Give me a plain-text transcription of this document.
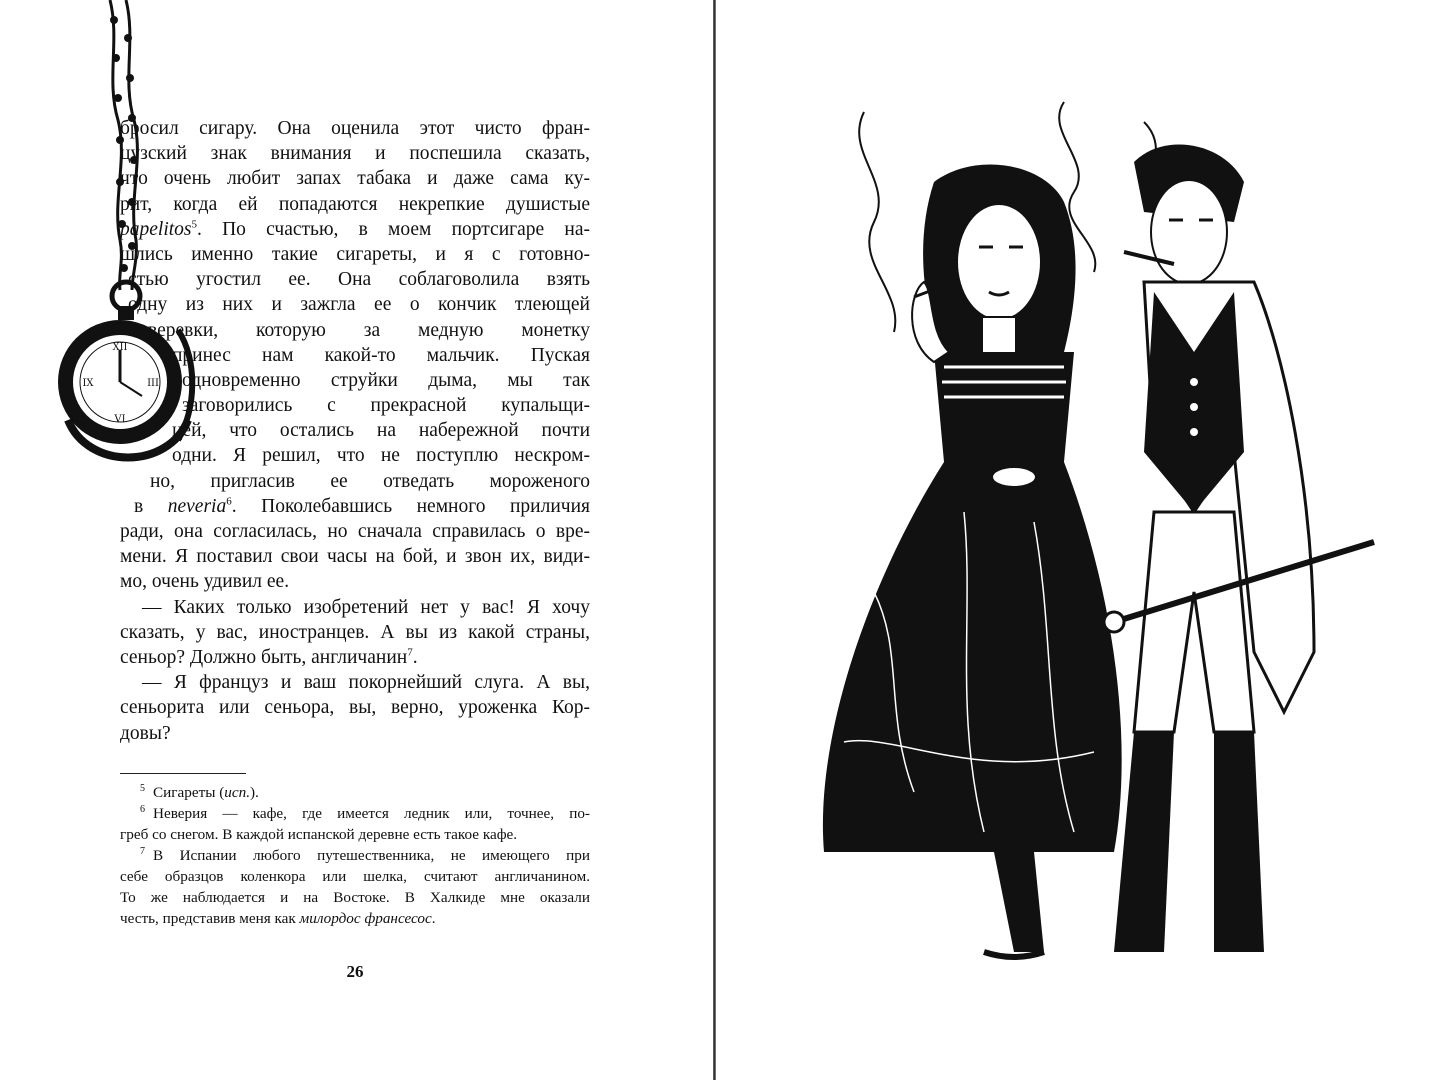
XII
III
VI
IX
бросил сигару. Она оценила этот чисто фран-
цузский знак внимания и поспешила сказать,
что очень любит запах табака и даже сама ку-
рит, когда ей попадаются некрепкие душистые
papelitos$^5$. По счастью, в моем портсигаре на-
шлись именно такие сигареты, и я с готовно-
стью угостил ее. Она соблаговолила взять
одну из них и зажгла ее о кончик тлеющей
веревки, которую за медную монетку
принес нам какой-то мальчик. Пуская
одновременно струйки дыма, мы так
заговорились с прекрасной купальщи-
цей, что остались на набережной почти
одни. Я решил, что не поступлю нескром-
но, пригласив ее отведать мороженого
в neveria$^6$. Поколебавшись немного приличия
ради, она согласилась, но сначала справилась о вре-
мени. Я поставил свои часы на бой, и звон их, види-
мо, очень удивил ее.
— Каких только изобретений нет у вас! Я хочу
сказать, у вас, иностранцев. А вы из какой страны,
сеньор? Должно быть, англичанин$^7$.
— Я француз и ваш покорнейший слуга. А вы,
сеньорита или сеньора, вы, верно, уроженка Кор-
довы?
$^5$ Сигареты (исп.).
$^6$ Неверия — кафе, где имеется ледник или, точнее, по-
греб со снегом. В каждой испанской деревне есть такое кафе.
$^7$ В Испании любого путешественника, не имеющего при
себе образцов коленкора или шелка, считают англичанином.
То же наблюдается и на Востоке. В Халкиде мне оказали
честь, представив меня как милордос франсесос.
26
